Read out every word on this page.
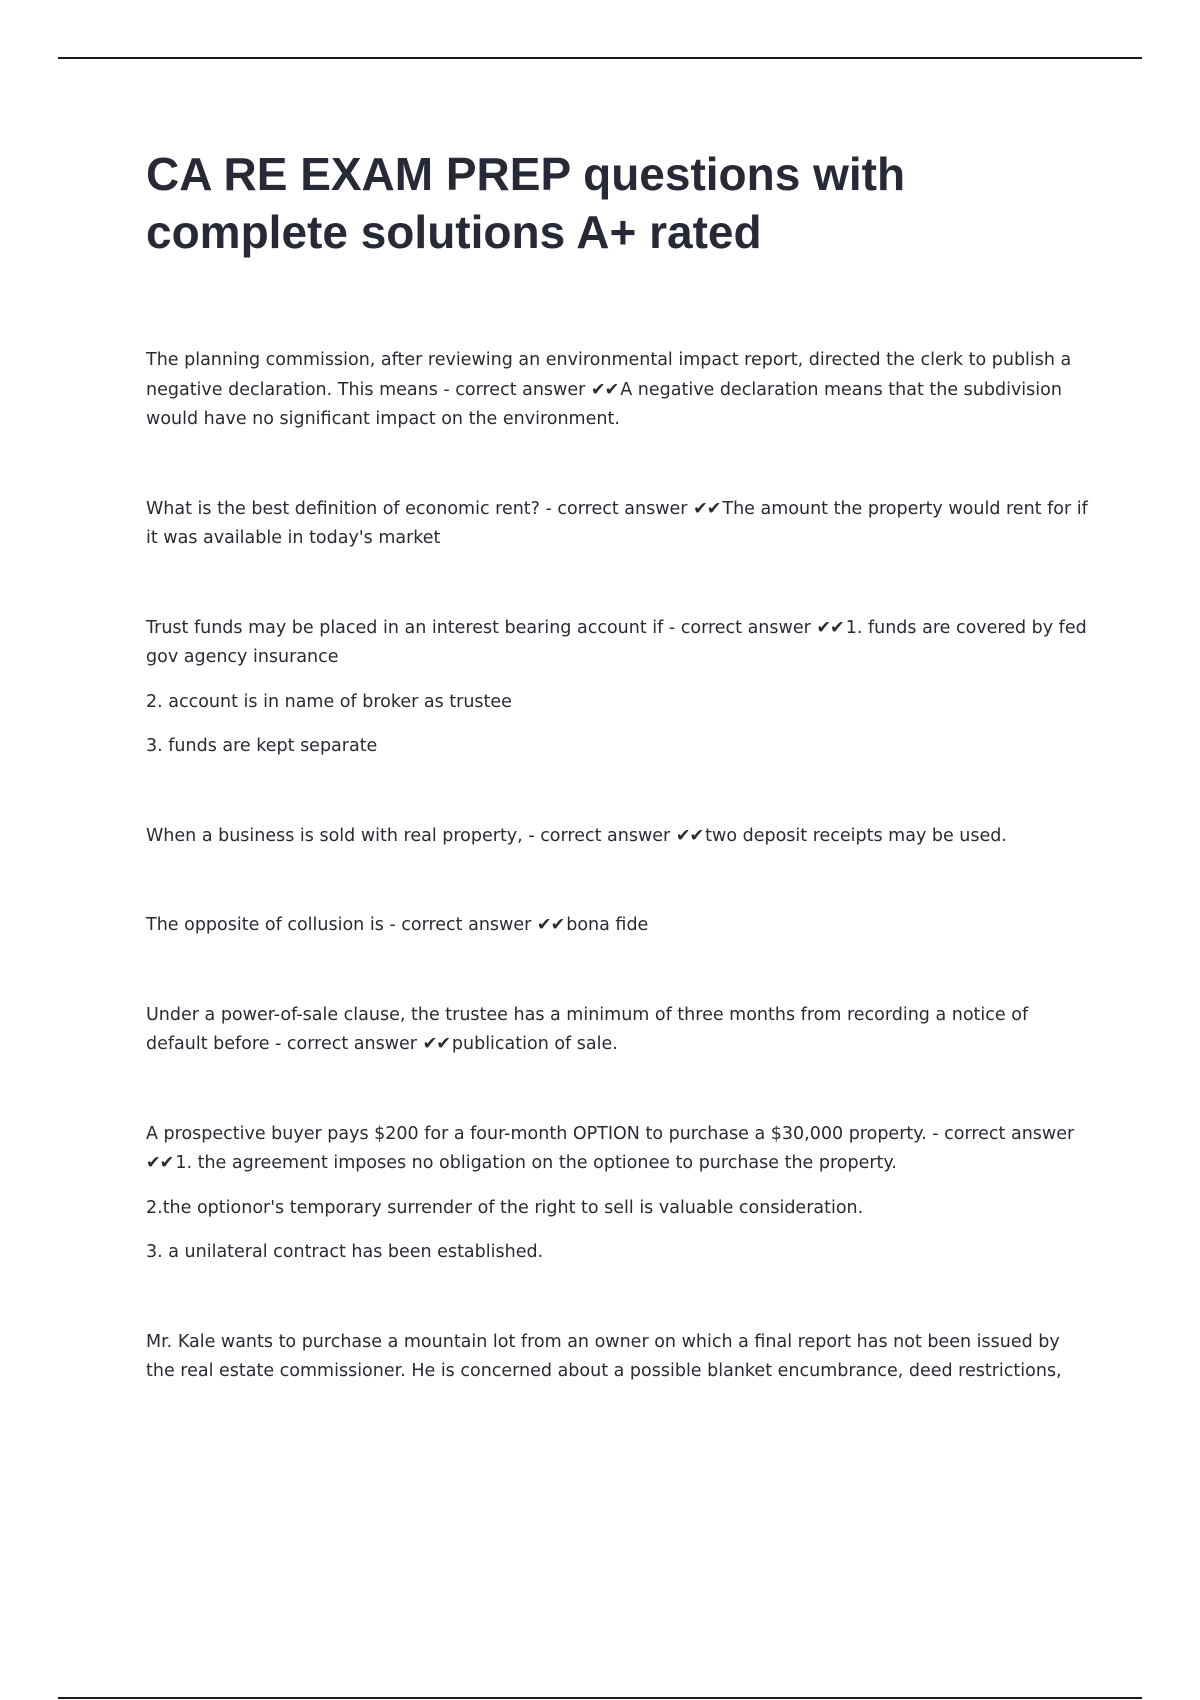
CA RE EXAM PREP questions with complete solutions A+ rated

The planning commission, after reviewing an environmental impact report, directed the clerk to publish a negative declaration. This means - correct answer ✔✔ A negative declaration means that the subdivision would have no significant impact on the environment.

What is the best definition of economic rent? - correct answer ✔✔ The amount the property would rent for if it was available in today's market

Trust funds may be placed in an interest bearing account if - correct answer ✔✔ 1. funds are covered by fed gov agency insurance

2. account is in name of broker as trustee

3. funds are kept separate

When a business is sold with real property, - correct answer ✔✔ two deposit receipts may be used.

The opposite of collusion is - correct answer ✔✔ bona fide

Under a power-of-sale clause, the trustee has a minimum of three months from recording a notice of default before - correct answer ✔✔ publication of sale.

A prospective buyer pays $200 for a four-month OPTION to purchase a $30,000 property. - correct answer ✔✔ 1. the agreement imposes no obligation on the optionee to purchase the property.

2.the optionor's temporary surrender of the right to sell is valuable consideration.

3. a unilateral contract has been established.

Mr. Kale wants to purchase a mountain lot from an owner on which a final report has not been issued by the real estate commissioner. He is concerned about a possible blanket encumbrance, deed restrictions,
